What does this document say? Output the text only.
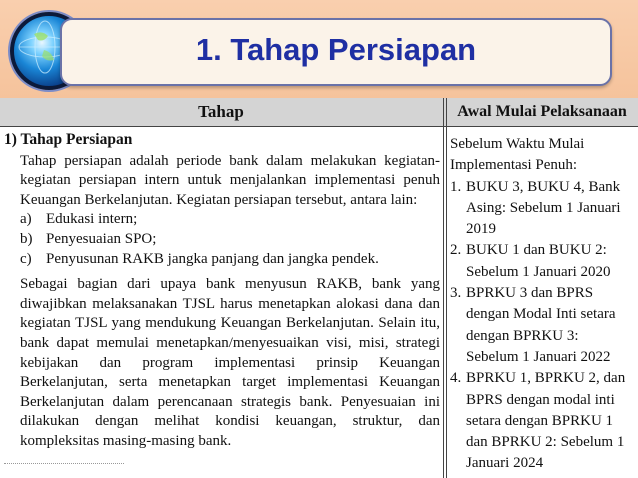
1. Tahap Persiapan
Tahap	Awal Mulai Pelaksanaan
1) Tahap Persiapan
Tahap persiapan adalah periode bank dalam melakukan kegiatan-kegiatan persiapan intern untuk menjalankan implementasi penuh Keuangan Berkelanjutan. Kegiatan persiapan tersebut, antara lain:
a) Edukasi intern;
b) Penyesuaian SPO;
c) Penyusunan RAKB jangka panjang dan jangka pendek.
Sebagai bagian dari upaya bank menyusun RAKB, bank yang diwajibkan melaksanakan TJSL harus menetapkan alokasi dana dan kegiatan TJSL yang mendukung Keuangan Berkelanjutan. Selain itu, bank dapat memulai menetapkan/menyesuaikan visi, misi, strategi kebijakan dan program implementasi prinsip Keuangan Berkelanjutan, serta menetapkan target implementasi Keuangan Berkelanjutan dalam perencanaan strategis bank. Penyesuaian ini dilakukan dengan melihat kondisi keuangan, struktur, dan kompleksitas masing-masing bank.
Sebelum Waktu Mulai Implementasi Penuh:
1. BUKU 3, BUKU 4, Bank Asing: Sebelum 1 Januari 2019
2. BUKU 1 dan BUKU 2: Sebelum 1 Januari 2020
3. BPRKU 3 dan BPRS dengan Modal Inti setara dengan BPRKU 3: Sebelum 1 Januari 2022
4. BPRKU 1, BPRKU 2, dan BPRS dengan modal inti setara dengan BPRKU 1 dan BPRKU 2: Sebelum 1 Januari 2024
